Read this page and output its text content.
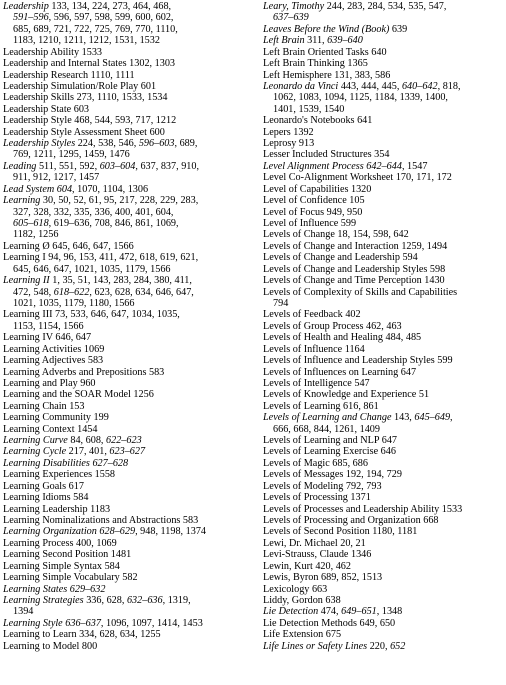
Leadership 133, 134, 224, 273, 464, 468,
591–596, 596, 597, 598, 599, 600, 602,
685, 689, 721, 722, 725, 769, 770, 1110,
1183, 1210, 1211, 1212, 1531, 1532
Leadership Ability 1533
Leadership and Internal States 1302, 1303
Leadership Research 1110, 1111
Leadership Simulation/Role Play 601
Leadership Skills 273, 1110, 1533, 1534
Leadership State 603
Leadership Style 468, 544, 593, 717, 1212
Leadership Style Assessment Sheet 600
Leadership Styles 224, 538, 546, 596–603, 689,
769, 1211, 1295, 1459, 1476
Leading 511, 551, 592, 603–604, 637, 837, 910,
911, 912, 1217, 1457
Lead System 604, 1070, 1104, 1306
Learning 30, 50, 52, 61, 95, 217, 228, 229, 283,
327, 328, 332, 335, 336, 400, 401, 604,
605–618, 619–636, 708, 846, 861, 1069,
1182, 1256
Learning Ø 645, 646, 647, 1566
Learning I 94, 96, 153, 411, 472, 618, 619, 621,
645, 646, 647, 1021, 1035, 1179, 1566
Learning II 1, 35, 51, 143, 283, 284, 380, 411,
472, 548, 618–622, 623, 628, 634, 646, 647,
1021, 1035, 1179, 1180, 1566
Learning III 73, 533, 646, 647, 1034, 1035,
1153, 1154, 1566
Learning IV 646, 647
Learning Activities 1069
Learning Adjectives 583
Learning Adverbs and Prepositions 583
Learning and Play 960
Learning and the SOAR Model 1256
Learning Chain 153
Learning Community 199
Learning Context 1454
Learning Curve 84, 608, 622–623
Learning Cycle 217, 401, 623–627
Learning Disabilities 627–628
Learning Experiences 1558
Learning Goals 617
Learning Idioms 584
Learning Leadership 1183
Learning Nominalizations and Abstractions 583
Learning Organization 628–629, 948, 1198, 1374
Learning Process 400, 1069
Learning Second Position 1481
Learning Simple Syntax 584
Learning Simple Vocabulary 582
Learning States 629–632
Learning Strategies 336, 628, 632–636, 1319,
1394
Learning Style 636–637, 1096, 1097, 1414, 1453
Learning to Learn 334, 628, 634, 1255
Learning to Model 800
Leary, Timothy 244, 283, 284, 534, 535, 547,
637–639
Leaves Before the Wind (Book) 639
Left Brain 311, 639–640
Left Brain Oriented Tasks 640
Left Brain Thinking 1365
Left Hemisphere 131, 383, 586
Leonardo da Vinci 443, 444, 445, 640–642, 818,
1062, 1083, 1094, 1125, 1184, 1339, 1400,
1401, 1539, 1540
Leonardo's Notebooks 641
Lepers 1392
Leprosy 913
Lesser Included Structures 354
Level Alignment Process 642–644, 1547
Level Co-Alignment Worksheet 170, 171, 172
Level of Capabilities 1320
Level of Confidence 105
Level of Focus 949, 950
Level of Influence 599
Levels of Change 18, 154, 598, 642
Levels of Change and Interaction 1259, 1494
Levels of Change and Leadership 594
Levels of Change and Leadership Styles 598
Levels of Change and Time Perception 1430
Levels of Complexity of Skills and Capabilities
794
Levels of Feedback 402
Levels of Group Process 462, 463
Levels of Health and Healing 484, 485
Levels of Influence 1164
Levels of Influence and Leadership Styles 599
Levels of Influences on Learning 647
Levels of Intelligence 547
Levels of Knowledge and Experience 51
Levels of Learning 616, 861
Levels of Learning and Change 143, 645–649,
666, 668, 844, 1261, 1409
Levels of Learning and NLP 647
Levels of Learning Exercise 646
Levels of Magic 685, 686
Levels of Messages 192, 194, 729
Levels of Modeling 792, 793
Levels of Processing 1371
Levels of Processes and Leadership Ability 1533
Levels of Processing and Organization 668
Levels of Second Position 1180, 1181
Lewi, Dr. Michael 20, 21
Levi-Strauss, Claude 1346
Lewin, Kurt 420, 462
Lewis, Byron 689, 852, 1513
Lexicology 663
Liddy, Gordon 638
Lie Detection 474, 649–651, 1348
Lie Detection Methods 649, 650
Life Extension 675
Life Lines or Safety Lines 220, 652
